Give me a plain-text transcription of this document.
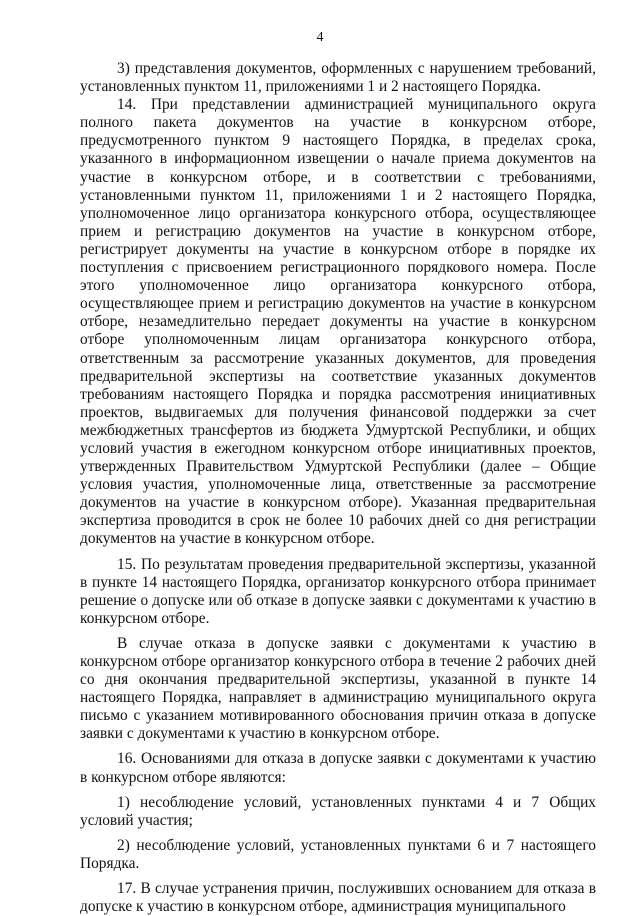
4

3) представления документов, оформленных с нарушением требований, установленных пунктом 11, приложениями 1 и 2 настоящего Порядка.

14. При представлении администрацией муниципального округа полного пакета документов на участие в конкурсном отборе, предусмотренного пунктом 9 настоящего Порядка, в пределах срока, указанного в информационном извещении о начале приема документов на участие в конкурсном отборе, и в соответствии с требованиями, установленными пунктом 11, приложениями 1 и 2 настоящего Порядка, уполномоченное лицо организатора конкурсного отбора, осуществляющее прием и регистрацию документов на участие в конкурсном отборе, регистрирует документы на участие в конкурсном отборе в порядке их поступления с присвоением регистрационного порядкового номера. После этого уполномоченное лицо организатора конкурсного отбора, осуществляющее прием и регистрацию документов на участие в конкурсном отборе, незамедлительно передает документы на участие в конкурсном отборе уполномоченным лицам организатора конкурсного отбора, ответственным за рассмотрение указанных документов, для проведения предварительной экспертизы на соответствие указанных документов требованиям настоящего Порядка и порядка рассмотрения инициативных проектов, выдвигаемых для получения финансовой поддержки за счет межбюджетных трансфертов из бюджета Удмуртской Республики, и общих условий участия в ежегодном конкурсном отборе инициативных проектов, утвержденных Правительством Удмуртской Республики (далее – Общие условия участия, уполномоченные лица, ответственные за рассмотрение документов на участие в конкурсном отборе). Указанная предварительная экспертиза проводится в срок не более 10 рабочих дней со дня регистрации документов на участие в конкурсном отборе.

15. По результатам проведения предварительной экспертизы, указанной в пункте 14 настоящего Порядка, организатор конкурсного отбора принимает решение о допуске или об отказе в допуске заявки с документами к участию в конкурсном отборе.

В случае отказа в допуске заявки с документами к участию в конкурсном отборе организатор конкурсного отбора в течение 2 рабочих дней со дня окончания предварительной экспертизы, указанной в пункте 14 настоящего Порядка, направляет в администрацию муниципального округа письмо с указанием мотивированного обоснования причин отказа в допуске заявки с документами к участию в конкурсном отборе.

16. Основаниями для отказа в допуске заявки с документами к участию в конкурсном отборе являются:

1) несоблюдение условий, установленных пунктами 4 и 7 Общих условий участия;

2) несоблюдение условий, установленных пунктами 6 и 7 настоящего Порядка.

17. В случае устранения причин, послуживших основанием для отказа в допуске к участию в конкурсном отборе, администрация муниципального
